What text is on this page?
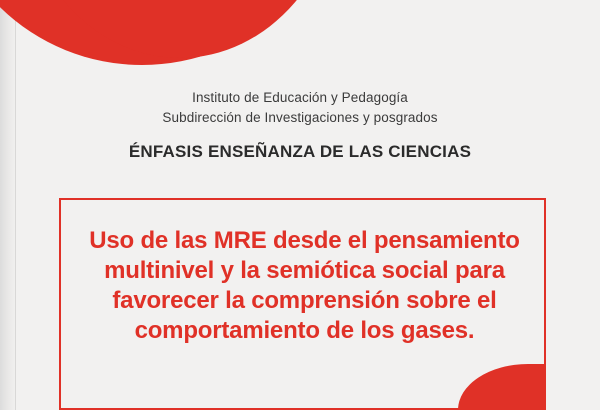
Instituto de Educación y Pedagogía
Subdirección de Investigaciones y posgrados
ÉNFASIS ENSEÑANZA DE LAS CIENCIAS
Uso de las MRE desde el pensamiento multinivel y la semiótica social para favorecer la comprensión sobre el comportamiento de los gases.
